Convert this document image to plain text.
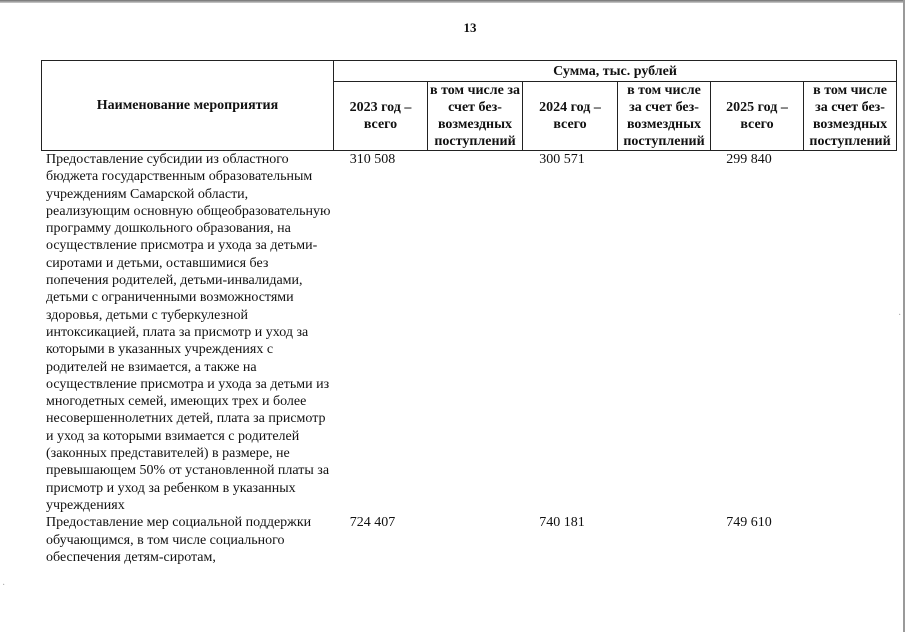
13
Наименование мероприятия	Сумма, тыс. рублей					
	2023 год – всего	в том числе за счет без-возмездных поступлений	2024 год – всего	в том числе за счет без-возмездных поступлений	2025 год – всего	в том числе за счет без-возмездных поступлений
Предоставление субсидии из областного бюджета государственным образовательным учреждениям Самарской области, реализующим основную общеобразовательную программу дошкольного образования, на осуществление присмотра и ухода за детьми-сиротами и детьми, оставшимися без попечения родителей, детьми-инвалидами, детьми с ограниченными возможностями здоровья, детьми с туберкулезной интоксикацией, плата за присмотр и уход за которыми в указанных учреждениях с родителей не взимается, а также на осуществление присмотра и ухода за детьми из многодетных семей, имеющих трех и более несовершеннолетних детей, плата за присмотр и уход за которыми взимается с родителей (законных представителей) в размере, не превышающем 50% от установленной платы за присмотр и уход за ребенком в указанных учреждениях	310 508		300 571		299 840	
Предоставление мер социальной поддержки обучающимся, в том числе социального обеспечения детям-сиротам,	724 407		740 181		749 610	
·
·
